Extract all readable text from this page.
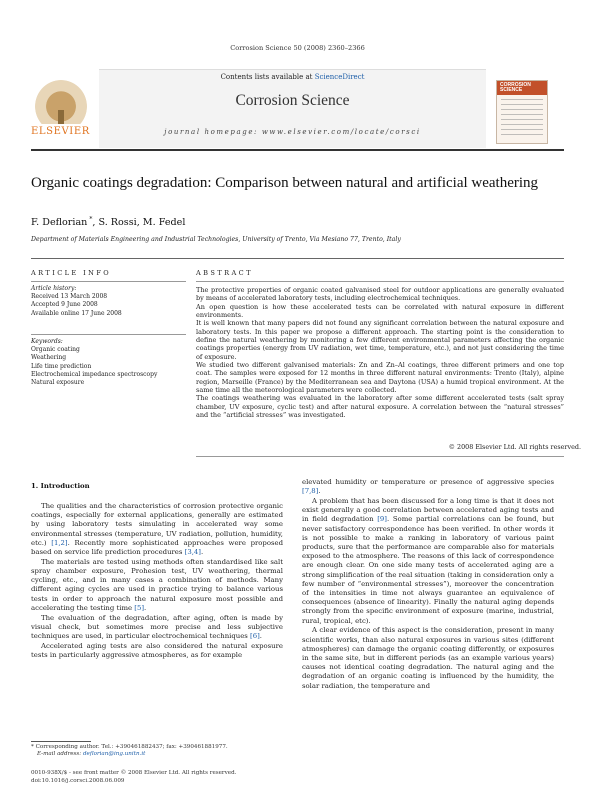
Corrosion Science 50 (2008) 2360–2366
ELSEVIER
Contents lists available at ScienceDirect
Corrosion Science
journal homepage: www.elsevier.com/locate/corsci
CORROSION SCIENCE
Organic coatings degradation: Comparison between natural and artificial weathering
F. Deflorian *, S. Rossi, M. Fedel
Department of Materials Engineering and Industrial Technologies, University of Trento, Via Mesiano 77, Trento, Italy
ARTICLE INFO	ABSTRACT
Article history:
Received 13 March 2008
Accepted 9 June 2008
Available online 17 June 2008
Keywords:
Organic coating
Weathering
Life time prediction
Electrochemical impedance spectroscopy
Natural exposure

The protective properties of organic coated galvanised steel for outdoor applications are generally evaluated by means of accelerated laboratory tests, including electrochemical techniques.

An open question is how these accelerated tests can be correlated with natural exposure in different environments.

It is well known that many papers did not found any significant correlation between the natural exposure and laboratory tests. In this paper we propose a different approach. The starting point is the consideration to define the natural weathering by monitoring a few different environmental parameters affecting the organic coatings properties (energy from UV radiation, wet time, temperature, etc.), and not just considering the time of exposure.

We studied two different galvanised materials: Zn and Zn–Al coatings, three different primers and one top coat. The samples were exposed for 12 months in three different natural environments: Trento (Italy), alpine region, Marseille (France) by the Mediterranean sea and Daytona (USA) a humid tropical environment. At the same time all the meteorological parameters were collected.

The coatings weathering was evaluated in the laboratory after some different accelerated tests (salt spray chamber, UV exposure, cyclic test) and after natural exposure. A correlation between the “natural stresses” and the “artificial stresses” was investigated.

© 2008 Elsevier Ltd. All rights reserved.
1. Introduction

The qualities and the characteristics of corrosion protective organic coatings, especially for external applications, generally are estimated by using laboratory tests simulating in accelerated way some environmental stresses (temperature, UV radiation, pollution, humidity, etc.) [1,2]. Recently more sophisticated approaches were proposed based on service life prediction procedures [3,4].

The materials are tested using methods often standardised like salt spray chamber exposure, Prohesion test, UV weathering, thermal cycling, etc., and in many cases a combination of methods. Many different aging cycles are used in practice trying to balance various tests in order to approach the natural exposure most possible and accelerating the testing time [5].

The evaluation of the degradation, after aging, often is made by visual check, but sometimes more precise and less subjective techniques are used, in particular electrochemical techniques [6].

Accelerated aging tests are also considered the natural exposure tests in particularly aggressive atmospheres, as for example

elevated humidity or temperature or presence of aggressive species [7,8].

A problem that has been discussed for a long time is that it does not exist generally a good correlation between accelerated aging tests and in field degradation [9]. Some partial correlations can be found, but never satisfactory correspondence has been verified. In other words it is not possible to make a ranking in laboratory of various paint products, sure that the performance are comparable also for materials exposed to the atmosphere. The reasons of this lack of correspondence are enough clear. On one side many tests of accelerated aging are a strong simplification of the real situation (taking in consideration only a few number of “environmental stresses”), moreover the concentration of the intensities in time not always guarantee an equivalence of consequences (absence of linearity). Finally the natural aging depends strongly from the specific environment of exposure (marine, industrial, rural, tropical, etc).

A clear evidence of this aspect is the consideration, present in many scientific works, than also natural exposures in various sites (different atmospheres) can damage the organic coating differently, or exposures in the same site, but in different periods (as an example various years) causes not identical coating degradation. The natural aging and the degradation of an organic coating is influenced by the humidity, the solar radiation, the temperature and

* Corresponding author. Tel.: +390461882437; fax: +390461881977.
E-mail address: deflorian@ing.unitn.it
0010-938X/$ - see front matter © 2008 Elsevier Ltd. All rights reserved.
doi:10.1016/j.corsci.2008.06.009
